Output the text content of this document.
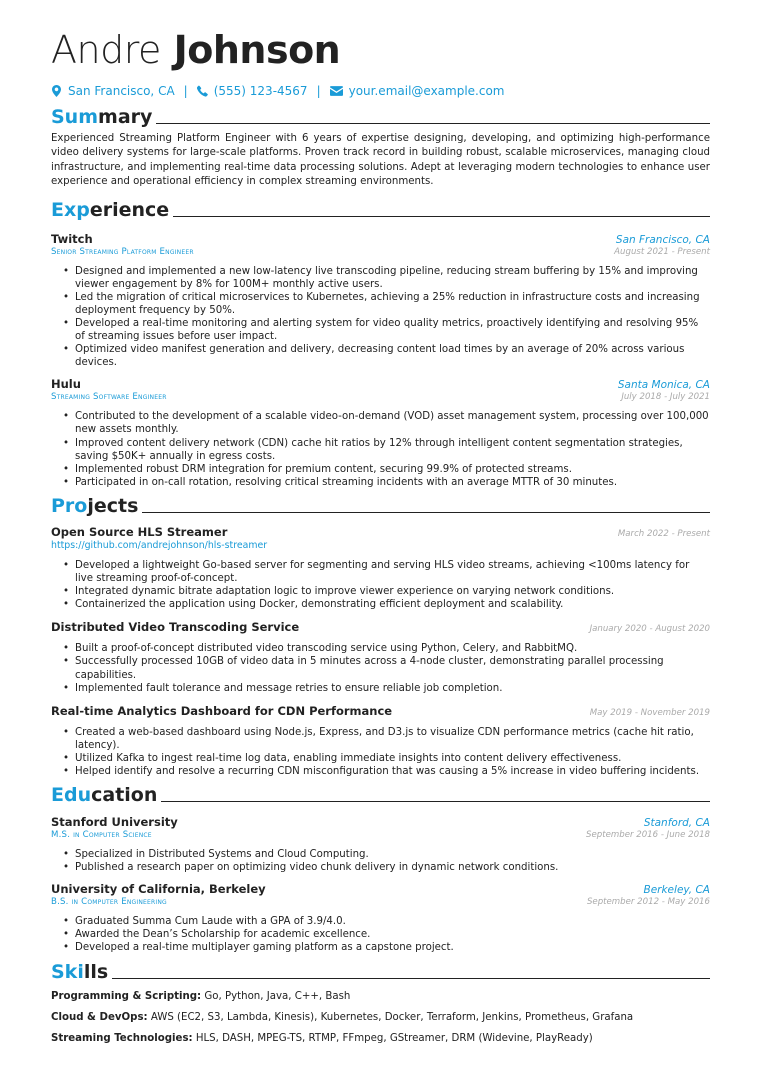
Andre Johnson
San Francisco, CA | (555) 123-4567 | your.email@example.com
Summary
Experienced Streaming Platform Engineer with 6 years of expertise designing, developing, and optimizing high-performance video delivery systems for large-scale platforms. Proven track record in building robust, scalable microservices, managing cloud infrastructure, and implementing real-time data processing solutions. Adept at leveraging modern technologies to enhance user experience and operational efficiency in complex streaming environments.
Experience
Twitch	San Francisco, CA
Senior Streaming Platform Engineer	August 2021 - Present
• Designed and implemented a new low-latency live transcoding pipeline, reducing stream buffering by 15% and improving viewer engagement by 8% for 100M+ monthly active users.
• Led the migration of critical microservices to Kubernetes, achieving a 25% reduction in infrastructure costs and increasing deployment frequency by 50%.
• Developed a real-time monitoring and alerting system for video quality metrics, proactively identifying and resolving 95% of streaming issues before user impact.
• Optimized video manifest generation and delivery, decreasing content load times by an average of 20% across various devices.
Hulu	Santa Monica, CA
Streaming Software Engineer	July 2018 - July 2021
• Contributed to the development of a scalable video-on-demand (VOD) asset management system, processing over 100,000 new assets monthly.
• Improved content delivery network (CDN) cache hit ratios by 12% through intelligent content segmentation strategies, saving $50K+ annually in egress costs.
• Implemented robust DRM integration for premium content, securing 99.9% of protected streams.
• Participated in on-call rotation, resolving critical streaming incidents with an average MTTR of 30 minutes.
Projects
Open Source HLS Streamer	March 2022 - Present
https://github.com/andrejohnson/hls-streamer
• Developed a lightweight Go-based server for segmenting and serving HLS video streams, achieving <100ms latency for live streaming proof-of-concept.
• Integrated dynamic bitrate adaptation logic to improve viewer experience on varying network conditions.
• Containerized the application using Docker, demonstrating efficient deployment and scalability.
Distributed Video Transcoding Service	January 2020 - August 2020
• Built a proof-of-concept distributed video transcoding service using Python, Celery, and RabbitMQ.
• Successfully processed 10GB of video data in 5 minutes across a 4-node cluster, demonstrating parallel processing capabilities.
• Implemented fault tolerance and message retries to ensure reliable job completion.
Real-time Analytics Dashboard for CDN Performance	May 2019 - November 2019
• Created a web-based dashboard using Node.js, Express, and D3.js to visualize CDN performance metrics (cache hit ratio, latency).
• Utilized Kafka to ingest real-time log data, enabling immediate insights into content delivery effectiveness.
• Helped identify and resolve a recurring CDN misconfiguration that was causing a 5% increase in video buffering incidents.
Education
Stanford University	Stanford, CA
M.S. in Computer Science	September 2016 - June 2018
• Specialized in Distributed Systems and Cloud Computing.
• Published a research paper on optimizing video chunk delivery in dynamic network conditions.
University of California, Berkeley	Berkeley, CA
B.S. in Computer Engineering	September 2012 - May 2016
• Graduated Summa Cum Laude with a GPA of 3.9/4.0.
• Awarded the Dean’s Scholarship for academic excellence.
• Developed a real-time multiplayer gaming platform as a capstone project.
Skills
Programming & Scripting: Go, Python, Java, C++, Bash
Cloud & DevOps: AWS (EC2, S3, Lambda, Kinesis), Kubernetes, Docker, Terraform, Jenkins, Prometheus, Grafana
Streaming Technologies: HLS, DASH, MPEG-TS, RTMP, FFmpeg, GStreamer, DRM (Widevine, PlayReady)
